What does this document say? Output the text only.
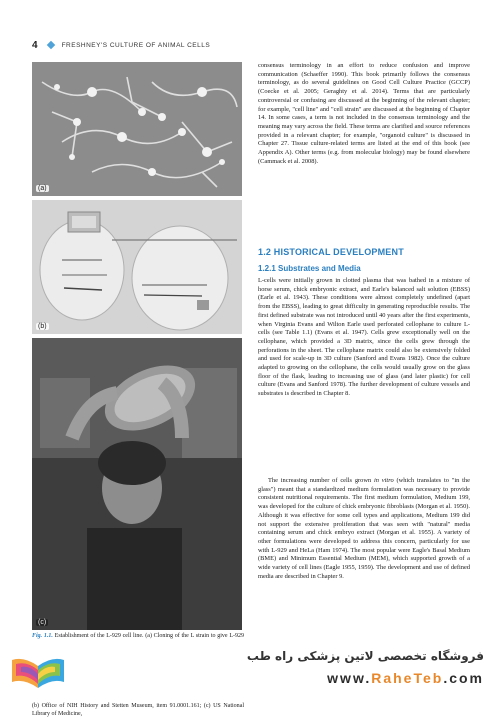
4	FRESHNEY'S CULTURE OF ANIMAL CELLS
(a)
(b)
(c)
Fig. 1.1. Establishment of the L-929 cell line. (a) Cloning of the L strain to give L-929 (b) Office of NIH History and Stetten Museum, item 91.0001.161; (c) US National Library of Medicine,

consensus terminology in an effort to reduce confusion and improve communication (Schaeffer 1990). This book primarily follows the consensus terminology, as do several guidelines on Good Cell Culture Practice (GCCP) (Coecke et al. 2005; Geraghty et al. 2014). Terms that are particularly controversial or confusing are discussed at the beginning of the relevant chapter; for example, "cell line" and "cell strain" are discussed at the beginning of Chapter 14. In some cases, a term is not included in the consensus terminology and the meaning may vary across the field. These terms are clarified and source references provided in a relevant chapter; for example, "organoid culture" is discussed in Chapter 27. Tissue culture-related terms are listed at the end of this book (see Appendix A). Other terms (e.g. from molecular biology) may be found elsewhere (Cammack et al. 2008).

1.2 HISTORICAL DEVELOPMENT
1.2.1 Substrates and Media

L-cells were initially grown in clotted plasma that was bathed in a mixture of horse serum, chick embryonic extract, and Earle's balanced salt solution (EBSS) (Earle et al. 1943). These conditions were almost completely undefined (apart from the EBSS), leading to great difficulty in generating reproducible results. The first defined substrate was not introduced until 40 years after the first experiments, when Virginia Evans and Wilton Earle used perforated cellophane to culture L-cells (see Table 1.1) (Evans et al. 1947). Cells grew exceptionally well on the cellophane, which provided a 3D matrix, since the cells grew through the perforations in the sheet. The cellophane matrix could also be extensively folded and used for scale-up in 3D culture (Sanford and Evans 1982). Once the culture adapted to growing on the cellophane, the cells would usually grow on the glass floor of the flask, leading to increasing use of glass (and later plastic) for cell culture (Evans and Sanford 1978). The further development of culture vessels and substrates is described in Chapter 8.

The increasing number of cells grown in vitro (which translates to "in the glass") meant that a standardized medium formulation was necessary to provide consistent nutritional requirements. The first medium formulation, Medium 199, was developed for the culture of chick embryonic fibroblasts (Morgan et al. 1950). Although it was effective for some cell types and applications, Medium 199 did not support the extensive proliferation that was seen with "natural" media containing serum and chick embryo extract (Morgan et al. 1955). A variety of other formulations were developed to address this concern, particularly for use with L-929 and HeLa (Ham 1974). The most popular were Eagle's Basal Medium (BME) and Minimum Essential Medium (MEM), which supported growth of a wide variety of cell lines (Eagle 1955, 1959). The development and use of defined media are described in Chapter 9.

فروشگاه تخصصی لاتین پزشکی راه طب
www.RaheTeb.com
